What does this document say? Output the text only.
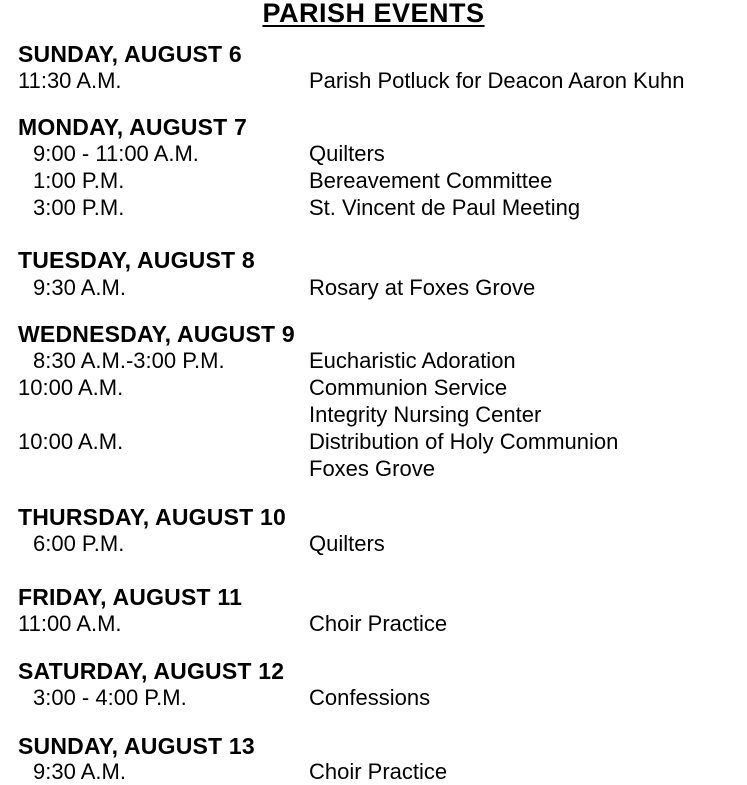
PARISH EVENTS
SUNDAY, AUGUST 6
11:30 A.M.	Parish Potluck for Deacon Aaron Kuhn
MONDAY, AUGUST 7
9:00 - 11:00 A.M.	Quilters
1:00 P.M.	Bereavement Committee
3:00 P.M.	St. Vincent de Paul Meeting
TUESDAY, AUGUST 8
9:30 A.M.	Rosary at Foxes Grove
WEDNESDAY, AUGUST 9
8:30 A.M.-3:00 P.M.	Eucharistic Adoration
10:00 A.M.	Communion Service
Integrity Nursing Center
10:00 A.M.	Distribution of Holy Communion
Foxes Grove
THURSDAY, AUGUST 10
6:00 P.M.	Quilters
FRIDAY, AUGUST 11
11:00 A.M.	Choir Practice
SATURDAY, AUGUST 12
3:00 - 4:00 P.M.	Confessions
SUNDAY, AUGUST 13
9:30 A.M.	Choir Practice
